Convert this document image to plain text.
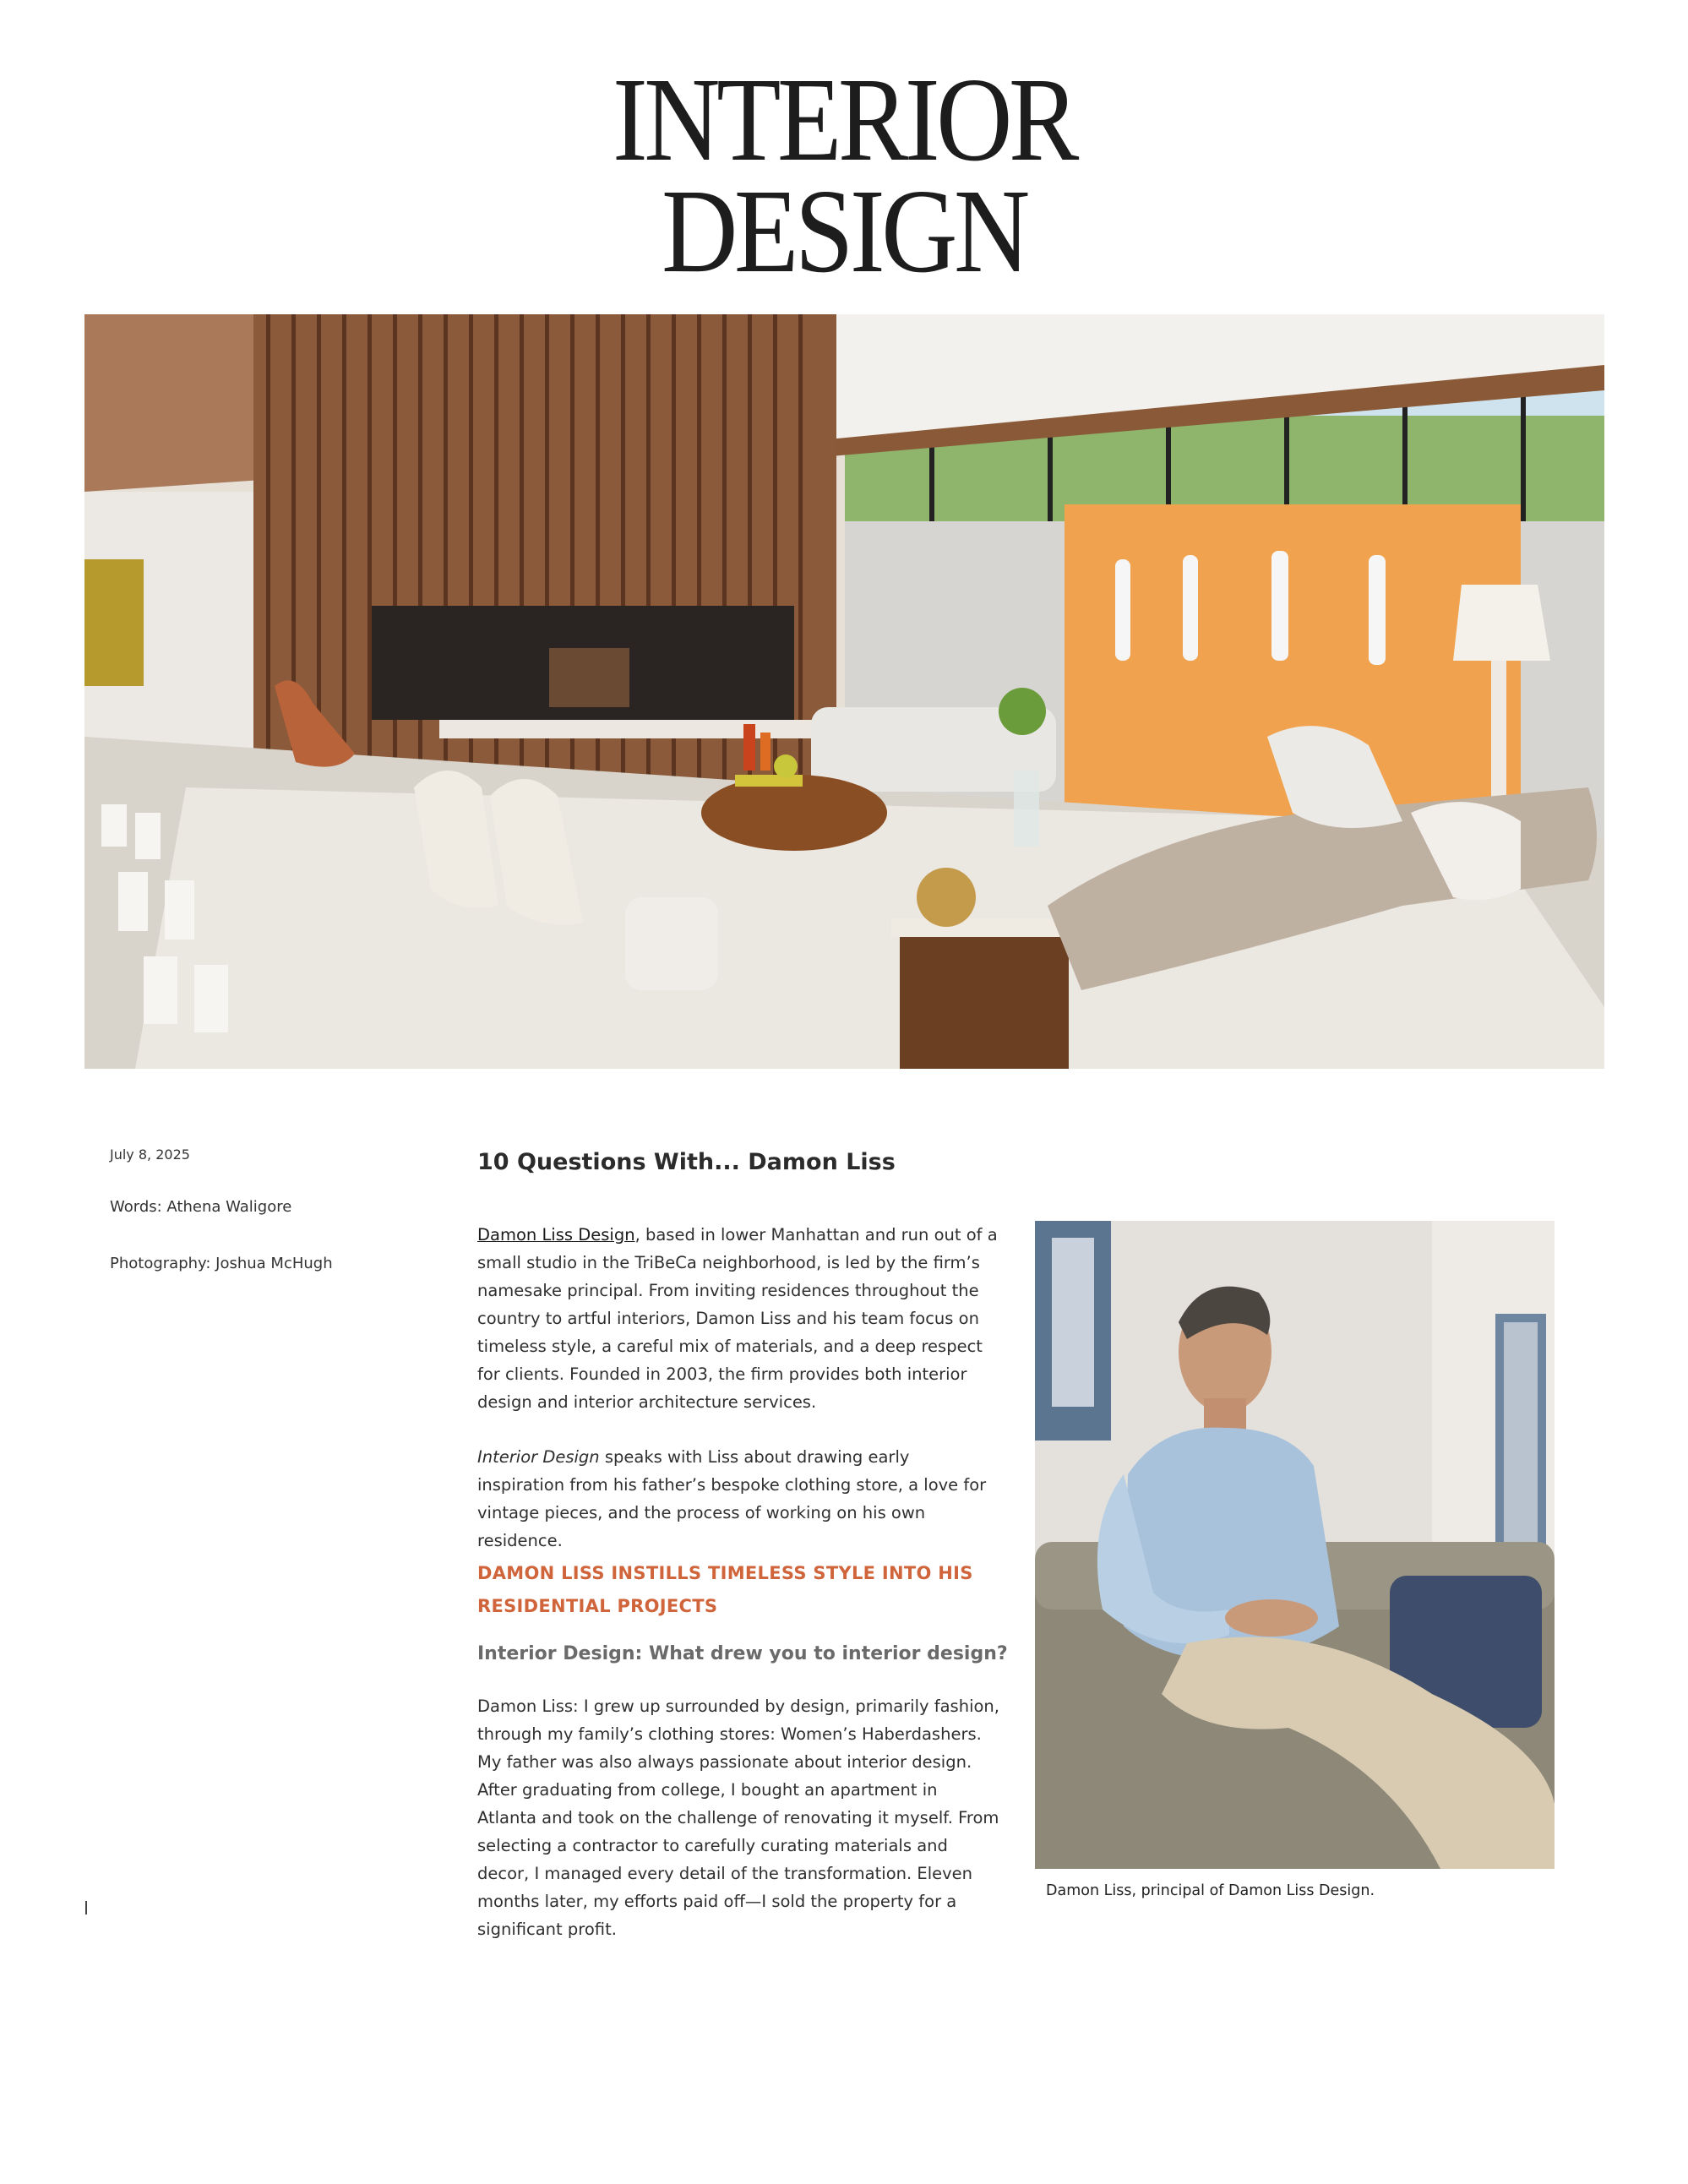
INTERIOR
DESIGN
July 8, 2025
Words: Athena Waligore
Photography: Joshua McHugh
10 Questions With... Damon Liss

Damon Liss Design, based in lower Manhattan and run out of a small studio in the TriBeCa neighborhood, is led by the firm’s namesake principal. From inviting residences throughout the country to artful interiors, Damon Liss and his team focus on timeless style, a careful mix of materials, and a deep respect for clients. Founded in 2003, the firm provides both interior design and interior architecture services.

Interior Design speaks with Liss about drawing early inspiration from his father’s bespoke clothing store, a love for vintage pieces, and the process of working on his own residence.

DAMON LISS INSTILLS TIMELESS STYLE INTO HIS RESIDENTIAL PROJECTS
Interior Design: What drew you to interior design?

Damon Liss: I grew up surrounded by design, primarily fashion, through my family’s clothing stores: Women’s Haberdashers. My father was also always passionate about interior design. After graduating from college, I bought an apartment in Atlanta and took on the challenge of renovating it myself. From selecting a contractor to carefully curating materials and decor, I managed every detail of the transformation. Eleven months later, my efforts paid off—I sold the property for a significant profit.

Damon Liss, principal of Damon Liss Design.
